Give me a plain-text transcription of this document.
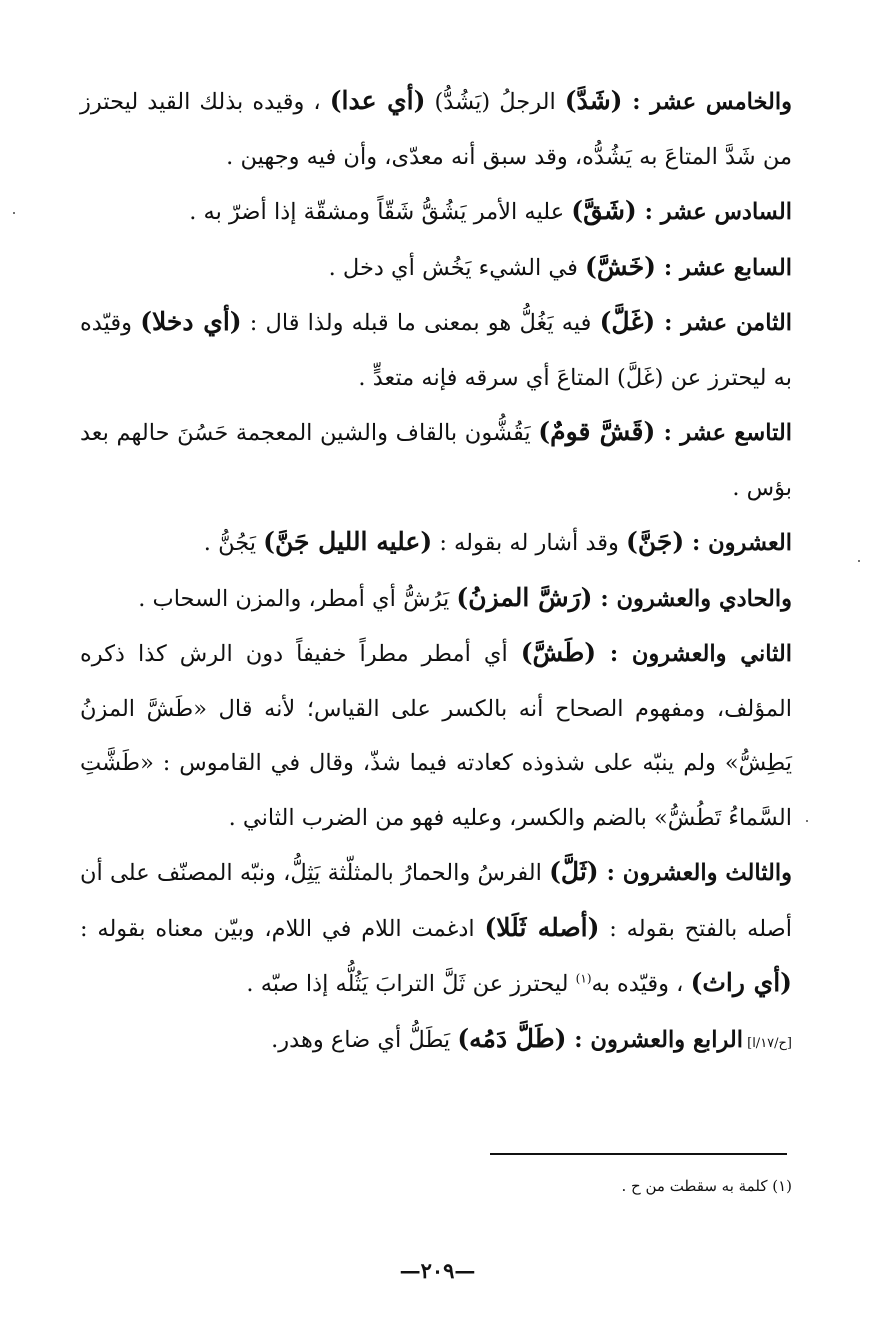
والخامس عشر : (شَدَّ) الرجلُ (يَشُدُّ) (أي عدا) ، وقيده بذلك القيد ليحترز من شَدَّ المتاعَ به يَشُدُّه، وقد سبق أنه معدّى، وأن فيه وجهين .

السادس عشر : (شَقَّ) عليه الأمر يَشُقُّ شَقّاً ومشقّة إذا أضرّ به .

السابع عشر : (خَشَّ) في الشيء يَخُش أي دخل .

الثامن عشر : (غَلَّ) فيه يَغُلُّ هو بمعنى ما قبله ولذا قال : (أي دخلا) وقيّده به ليحترز عن (غَلَّ) المتاعَ أي سرقه فإنه متعدٍّ .

التاسع عشر : (قَشَّ قومٌ) يَقُشُّون بالقاف والشين المعجمة حَسُنَ حالهم بعد بؤس .

العشرون : (جَنَّ) وقد أشار له بقوله : (عليه الليل جَنَّ) يَجُنُّ .

والحادي والعشرون : (رَشَّ المزنُ) يَرُشُّ أي أمطر، والمزن السحاب .

الثاني والعشرون : (طَشَّ) أي أمطر مطراً خفيفاً دون الرش كذا ذكره المؤلف، ومفهوم الصحاح أنه بالكسر على القياس؛ لأنه قال «طَشَّ المزنُ يَطِشُّ» ولم ينبّه على شذوذه كعادته فيما شذّ، وقال في القاموس : «طَشَّتِ السَّماءُ تَطُشُّ» بالضم والكسر، وعليه فهو من الضرب الثاني .

والثالث والعشرون : (ثَلَّ) الفرسُ والحمارُ بالمثلّثة يَثِلُّ، ونبّه المصنّف على أن أصله بالفتح بقوله : (أصله ثَلَلا) ادغمت اللام في اللام، وبيّن معناه بقوله : (أي راث) ، وقيّده به$^{(١)}$ ليحترز عن ثَلَّ الترابَ يَثُلُّه إذا صبّه .

[ح/١٧/ا] الرابع والعشرون : (طَلَّ دَمُه) يَطَلُّ أي ضاع وهدر.

(١) كلمة به سقطت من ح .
—٢٠٩—
